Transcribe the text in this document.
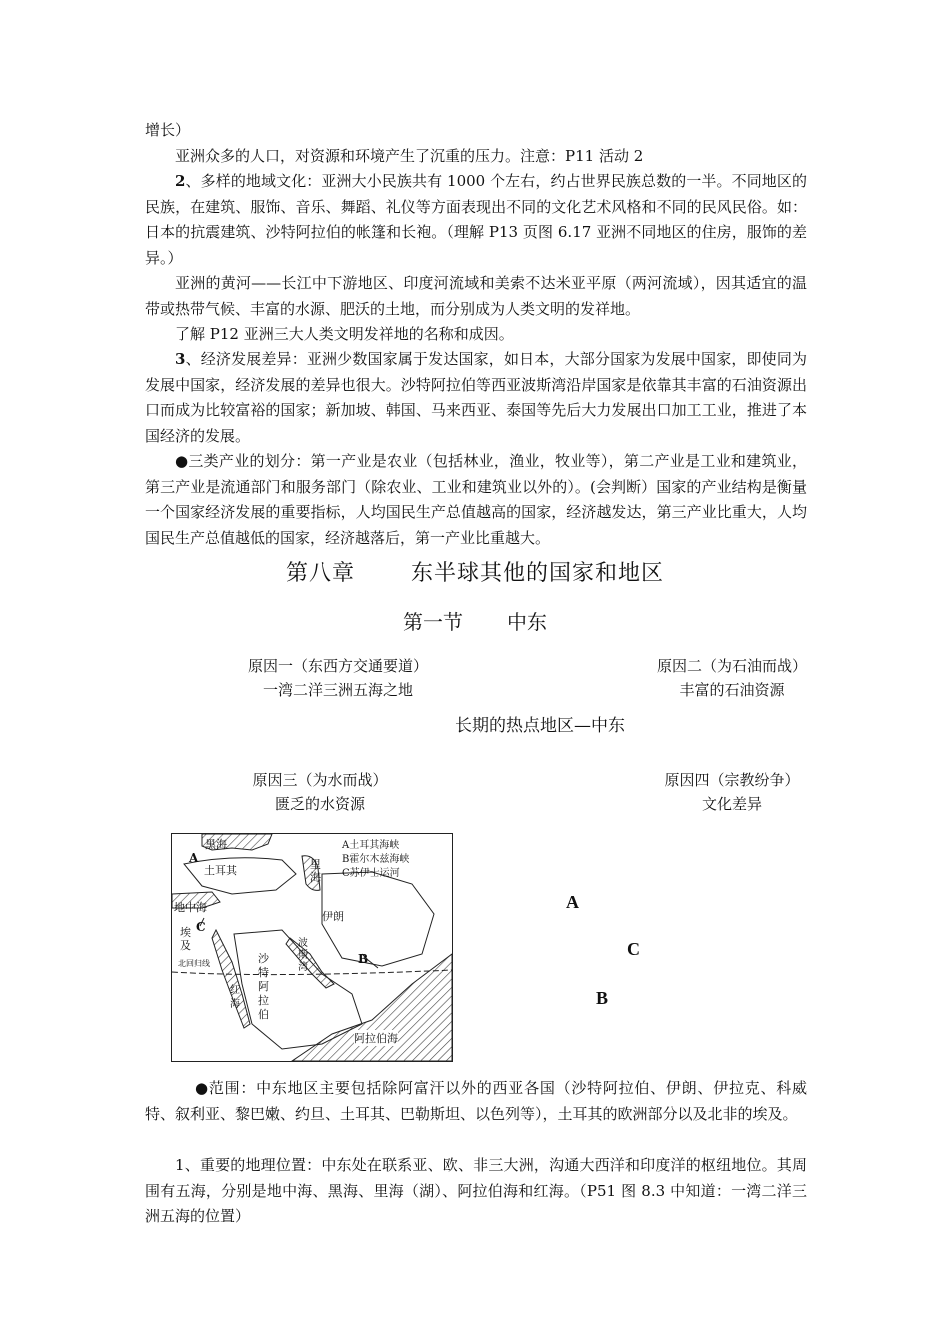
增长）

亚洲众多的人口，对资源和环境产生了沉重的压力。注意：P11 活动 2

2、多样的地域文化：亚洲大小民族共有 1000 个左右，约占世界民族总数的一半。不同地区的民族，在建筑、服饰、音乐、舞蹈、礼仪等方面表现出不同的文化艺术风格和不同的民风民俗。如：日本的抗震建筑、沙特阿拉伯的帐篷和长袍。（理解 P13 页图 6.17 亚洲不同地区的住房，服饰的差异。）

亚洲的黄河——长江中下游地区、印度河流域和美索不达米亚平原（两河流域），因其适宜的温带或热带气候、丰富的水源、肥沃的土地，而分别成为人类文明的发祥地。

了解 P12 亚洲三大人类文明发祥地的名称和成因。

3、经济发展差异：亚洲少数国家属于发达国家，如日本，大部分国家为发展中国家，即使同为发展中国家，经济发展的差异也很大。沙特阿拉伯等西亚波斯湾沿岸国家是依靠其丰富的石油资源出口而成为比较富裕的国家；新加坡、韩国、马来西亚、泰国等先后大力发展出口加工工业，推进了本国经济的发展。

●三类产业的划分：第一产业是农业（包括林业，渔业，牧业等），第二产业是工业和建筑业，第三产业是流通部门和服务部门（除农业、工业和建筑业以外的）。(会判断）国家的产业结构是衡量一个国家经济发展的重要指标，人均国民生产总值越高的国家，经济越发达，第三产业比重大，人均国民生产总值越低的国家，经济越落后，第一产业比重越大。

第八章	东半球其他的国家和地区
第一节 中东
原因一（东西方交通要道）
一湾二洋三洲五海之地
原因二（为石油而战）
丰富的石油资源
长期的热点地区—中东
原因三（为水而战）
匮乏的水资源
原因四（宗教纷争）
文化差异
黑海
A
土耳其	里海
A土耳其海峡
B霍尔木兹海峡
C苏伊士运河
地中海
C
埃及
伊朗
波斯湾
B
北回归线	沙特阿拉伯
红海
阿拉伯海
A
C
B

●范围：中东地区主要包括除阿富汗以外的西亚各国（沙特阿拉伯、伊朗、伊拉克、科威特、叙利亚、黎巴嫩、约旦、土耳其、巴勒斯坦、以色列等），土耳其的欧洲部分以及北非的埃及。

1、重要的地理位置：中东处在联系亚、欧、非三大洲，沟通大西洋和印度洋的枢纽地位。其周围有五海，分别是地中海、黑海、里海（湖）、阿拉伯海和红海。（P51 图 8.3 中知道：一湾二洋三洲五海的位置）
